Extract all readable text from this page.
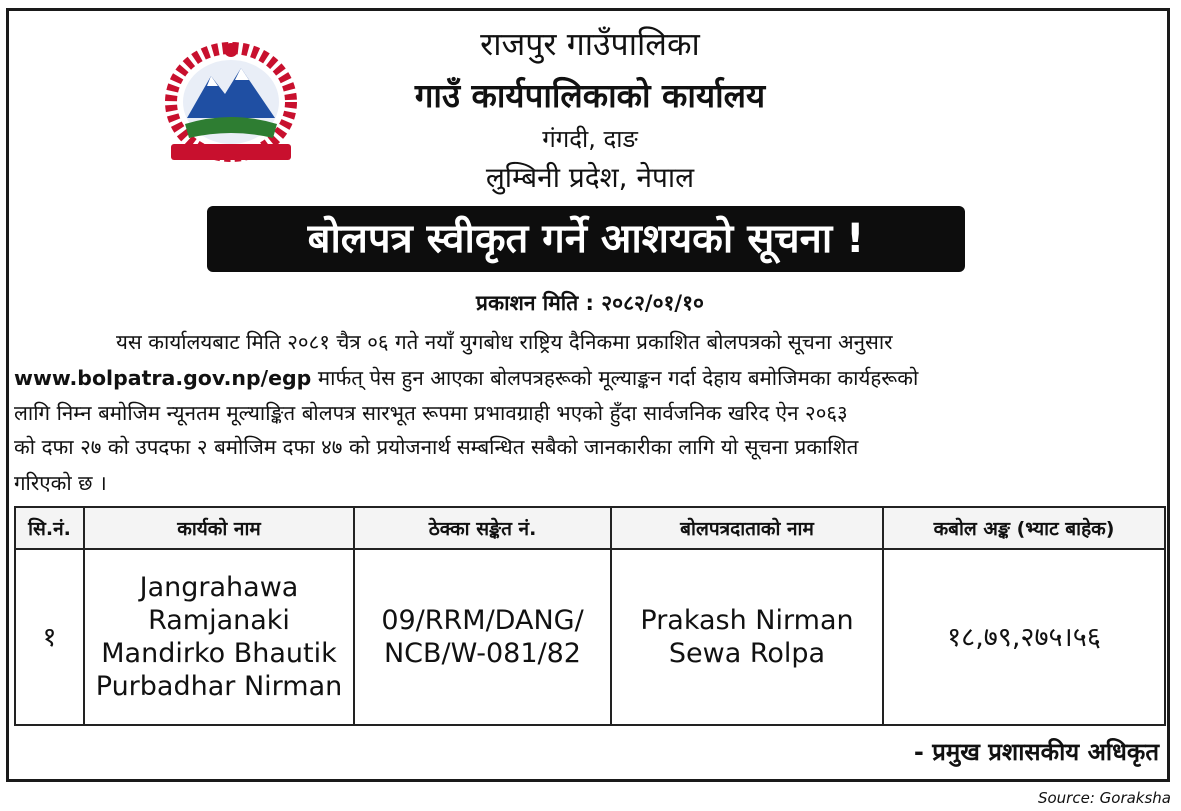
राजपुर गाउँपालिका
गाउँ कार्यपालिकाको कार्यालय
गंगदी, दाङ
लुम्बिनी प्रदेश, नेपाल
बोलपत्र स्वीकृत गर्ने आशयको सूचना !
प्रकाशन मिति : २०८२/०१/१०
यस कार्यालयबाट मिति २०८१ चैत्र ०६ गते नयाँ युगबोध राष्ट्रिय दैनिकमा प्रकाशित बोलपत्रको सूचना अनुसार
www.bolpatra.gov.np/egp मार्फत् पेस हुन आएका बोलपत्रहरूको मूल्याङ्कन गर्दा देहाय बमोजिमका कार्यहरूको
लागि निम्न बमोजिम न्यूनतम मूल्याङ्कित बोलपत्र सारभूत रूपमा प्रभावग्राही भएको हुँदा सार्वजनिक खरिद ऐन २०६३
को दफा २७ को उपदफा २ बमोजिम दफा ४७ को प्रयोजनार्थ सम्बन्धित सबैको जानकारीका लागि यो सूचना प्रकाशित
गरिएको छ ।
सि.नं.	कार्यको नाम	ठेक्का सङ्केत नं.	बोलपत्रदाताको नाम	कबोल अङ्क (भ्याट बाहेक)
१	Jangrahawa Ramjanaki Mandirko Bhautik Purbadhar Nirman	09/RRM/DANG/ NCB/W-081/82	Prakash Nirman Sewa Rolpa	१८,७९,२७५।५६
- प्रमुख प्रशासकीय अधिकृत
Source: Goraksha
